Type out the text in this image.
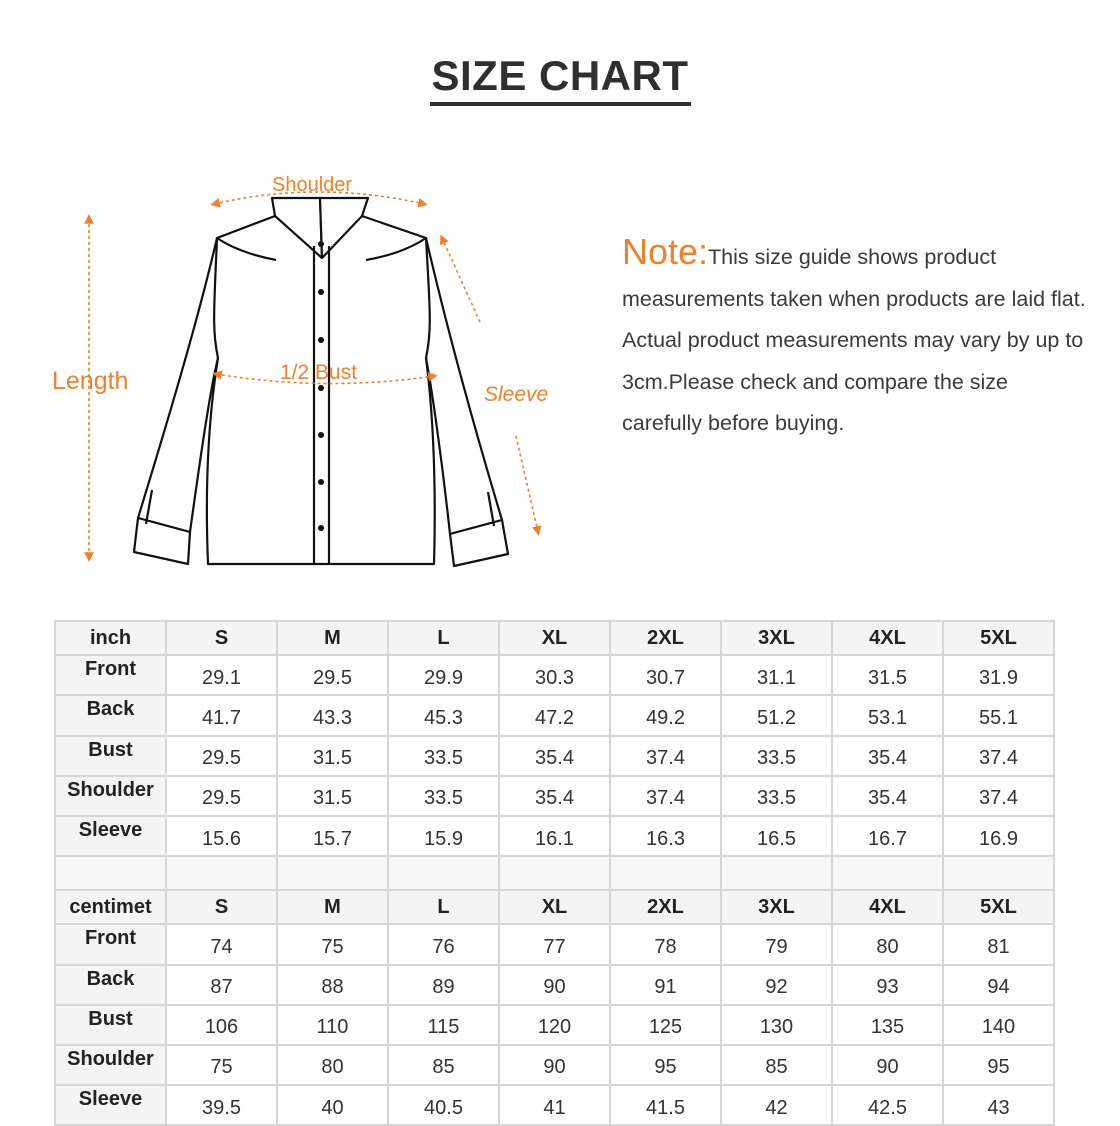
SIZE CHART
Length
Shoulder
1/2 Bust
Sleeve
Note:This size guide shows product measurements taken when products are laid flat. Actual product measurements may vary by up to 3cm.Please check and compare the size carefully before buying.
inch	S	M	L	XL	2XL	3XL	4XL	5XL
Front	29.1	29.5	29.9	30.3	30.7	31.1	31.5	31.9
Back	41.7	43.3	45.3	47.2	49.2	51.2	53.1	55.1
Bust	29.5	31.5	33.5	35.4	37.4	33.5	35.4	37.4
Shoulder	29.5	31.5	33.5	35.4	37.4	33.5	35.4	37.4
Sleeve	15.6	15.7	15.9	16.1	16.3	16.5	16.7	16.9

centimet	S	M	L	XL	2XL	3XL	4XL	5XL
Front	74	75	76	77	78	79	80	81
Back	87	88	89	90	91	92	93	94
Bust	106	110	115	120	125	130	135	140
Shoulder	75	80	85	90	95	85	90	95
Sleeve	39.5	40	40.5	41	41.5	42	42.5	43
